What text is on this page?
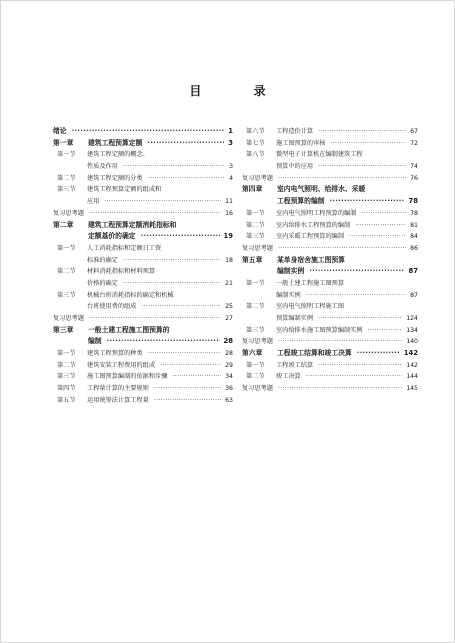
目 录
绪论 ·····	1
第一章 建筑工程预算定额 ·····	3
第一节 建筑工程定额的概念、
性质及作用 ·····	3
第二节 建筑工程定额的分类 ·····	4
第三节 建筑工程预算定额的组成和
应用 ·····	11
复习思考题 ·····	16
第二章 建筑工程预算定额消耗指标和
定额基价的确定 ·····	19
第一节 人工消耗指标和定额日工资
标准的确定 ·····	18
第二节 材料消耗指标和材料预算
价格的确定 ·····	21
第三节 机械台班消耗指标的确定和机械
台班使用费的组成 ·····	25
复习思考题 ·····	27
第三章 一般土建工程施工图预算的
编制 ·····	28
第一节 建筑工程预算的种类 ·····	28
第二节 建筑安装工程费用的组成 ·····	29
第三节 施工图预算编制的依据和步骤 ·····	34
第四节 工程量计算的主要规则 ·····	36
第五节 运用统筹法计算工程量 ·····	63
第六节 工程造价计算 ·····	67
第七节 施工图预算的审核 ·····	72
第八节 微型电子计算机在编制建筑工程
预算中的应用 ·····	74
复习思考题 ·····	76
第四章 室内电气照明、给排水、采暖
工程预算的编制 ·····	78
第一节 室内电气照明工程预算的编制 ·····	78
第二节 室内给排水工程预算的编制 ·····	81
第三节 室内采暖工程预算的编制 ·····	84
复习思考题 ·····	86
第五章 某单身宿舍施工图预算
编制实例 ·····	87
第一节 一般土建工程施工图预算
编制实例 ·····	87
第二节 室内电气照明工程施工图
预算编制实例 ·····	124
第三节 室内给排水施工图预算编制实例 ·····	134
复习思考题 ·····	140
第六章 工程竣工结算和竣工决算 ·····	142
第一节 工程竣工结算 ·····	142
第二节 竣工决算 ·····	144
复习思考题 ·····	145
